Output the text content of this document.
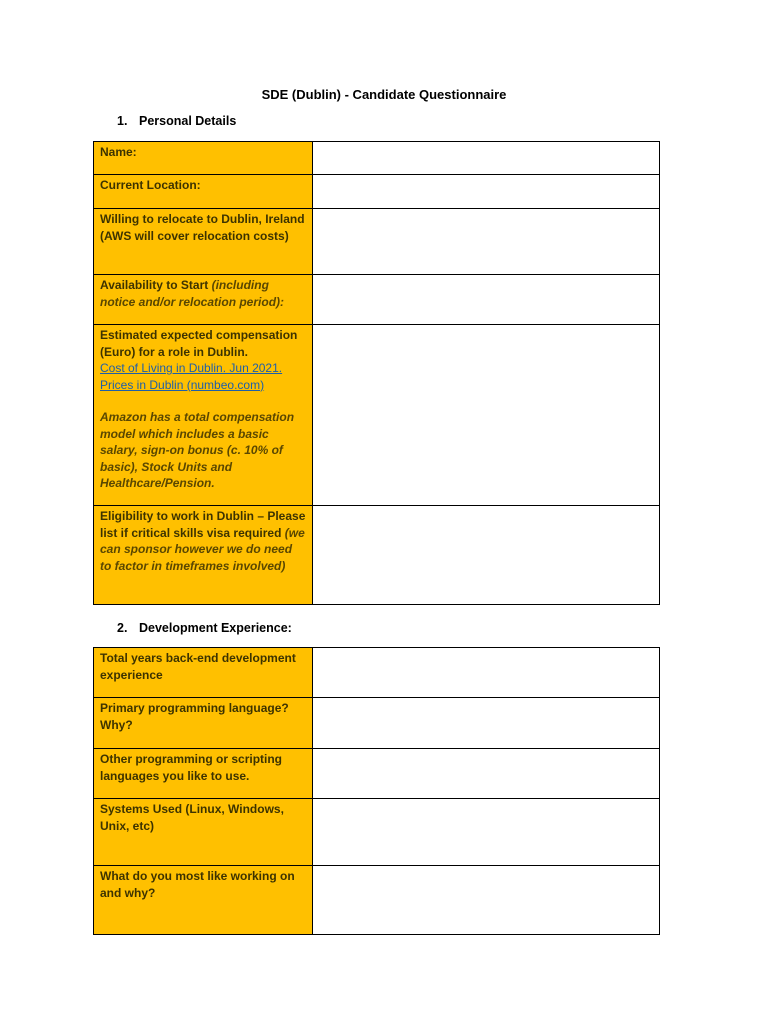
SDE (Dublin) - Candidate Questionnaire
1. Personal Details
Name:	
Current Location:	
Willing to relocate to Dublin, Ireland (AWS will cover relocation costs)	
Availability to Start (including notice and/or relocation period):	
Estimated expected compensation (Euro) for a role in Dublin.
Cost of Living in Dublin. Jun 2021. Prices in Dublin (numbeo.com)
Amazon has a total compensation model which includes a basic salary, sign-on bonus (c. 10% of basic), Stock Units and Healthcare/Pension.	
Eligibility to work in Dublin – Please list if critical skills visa required (we can sponsor however we do need to factor in timeframes involved)	
2. Development Experience:
Total years back-end development experience	
Primary programming language? Why?	
Other programming or scripting languages you like to use.	
Systems Used (Linux, Windows, Unix, etc)	
What do you most like working on and why?	
